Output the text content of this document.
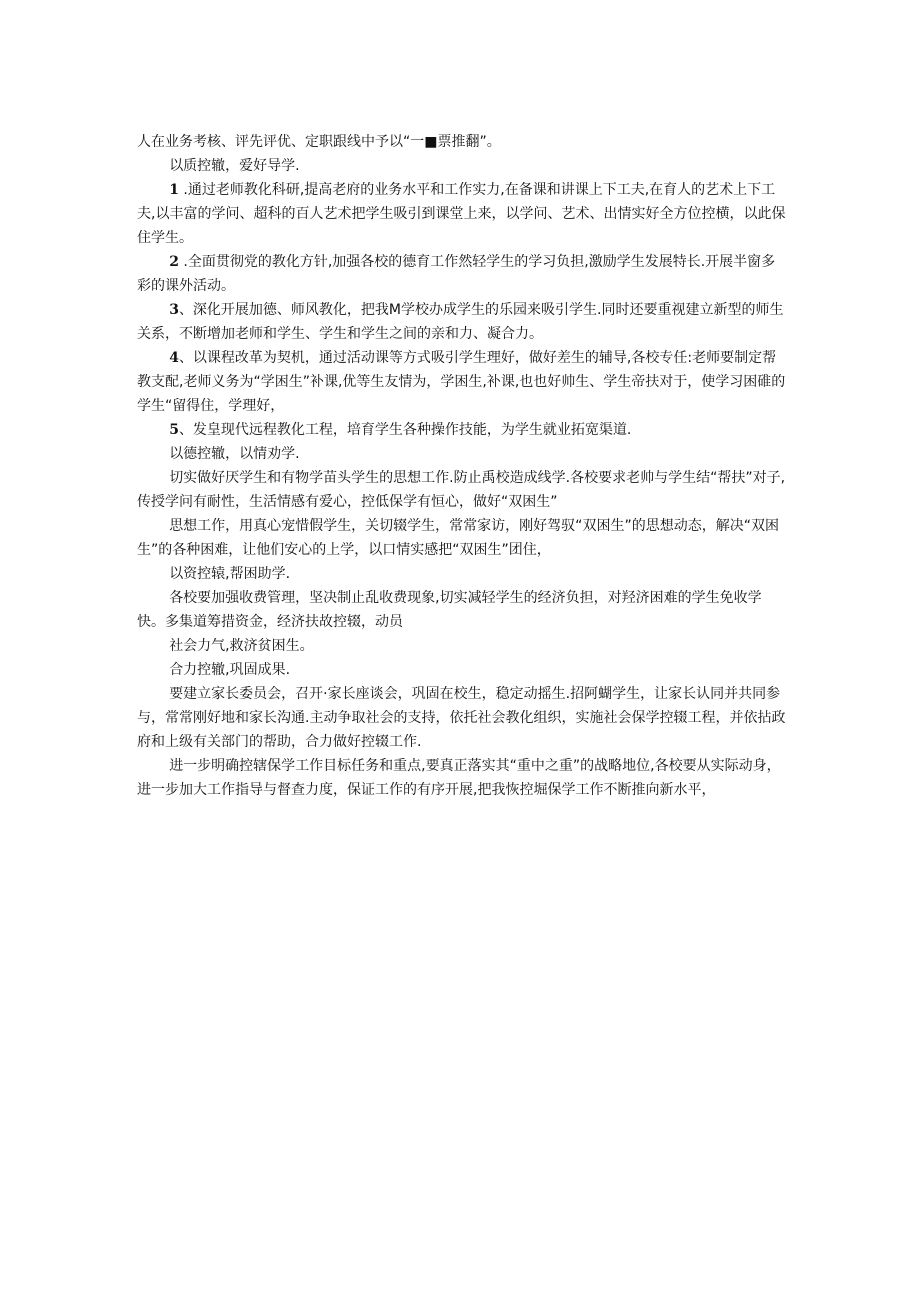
人在业务考核、评先评优、定职跟线中予以“一■票推翻”。

以质控辙，爱好导学.

1 .通过老师教化科研,提高老府的业务水平和工作实力,在备课和讲课上下工夫,在育人的艺术上下工夫,以丰富的学问、超科的百人艺术把学生吸引到课堂上来，以学问、艺术、出情实好全方位控横，以此保住学生。

2 .全面贯彻党的教化方针,加强各校的德育工作然轻学生的学习负担,激励学生发展特长.开展半窗多彩的课外活动。

3、深化开展加德、师风教化，把我M学校办成学生的乐园来吸引学生.同时还要重视建立新型的师生关系，不断增加老师和学生、学生和学生之间的亲和力、凝合力。

4、以课程改革为契机，通过活动课等方式吸引学生理好，做好差生的辅导,各校专任:老师要制定帮教支配,老师义务为“学困生”补课,优等生友情为，学困生,补课,也也好帅生、学生帝扶对于，使学习困碓的学生“留得住，学理好，

5、发皇现代远程教化工程，培育学生各种操作技能，为学生就业拓宽渠道.

以德控辙，以情劝学.

切实做好厌学生和有物学苗头学生的思想工作.防止禹校造成线学.各校要求老帅与学生结“帮扶”对子,传授学问有耐性，生活情感有爱心，控低保学有恒心，做好“双困生”

思想工作，用真心宠惜假学生，关切辍学生，常常家访，刚好驾驭“双困生”的思想动态，解决“双困生”的各种困难，让他们安心的上学，以口情实感把“双困生”团住，

以资控辕,帮困助学.

各校要加强收费管理，坚决制止乱收费现象,切实减轻学生的经济负担，对羟济困难的学生免收学快。多集道筹措资金，经济扶故控辍，动员

社会力气,救济贫困生。

合力控辙,巩固成果.

要建立家长委员会，召开·家长座谈会，巩固在校生，稳定动摇生.招阿蝴学生，让家长认同并共同参与，常常刚好地和家长沟通.主动争取社会的支持，依托社会教化组织，实施社会保学控辍工程，并依拈政府和上级有关部门的帮助，合力做好控辍工作.

进一步明确控辖保学工作目标任务和重点,要真正落实其“重中之重”的战略地位,各校要从实际动身，进一步加大工作指导与督查力度，保证工作的有序开展,把我恢控堀保学工作不断推向新水平，
